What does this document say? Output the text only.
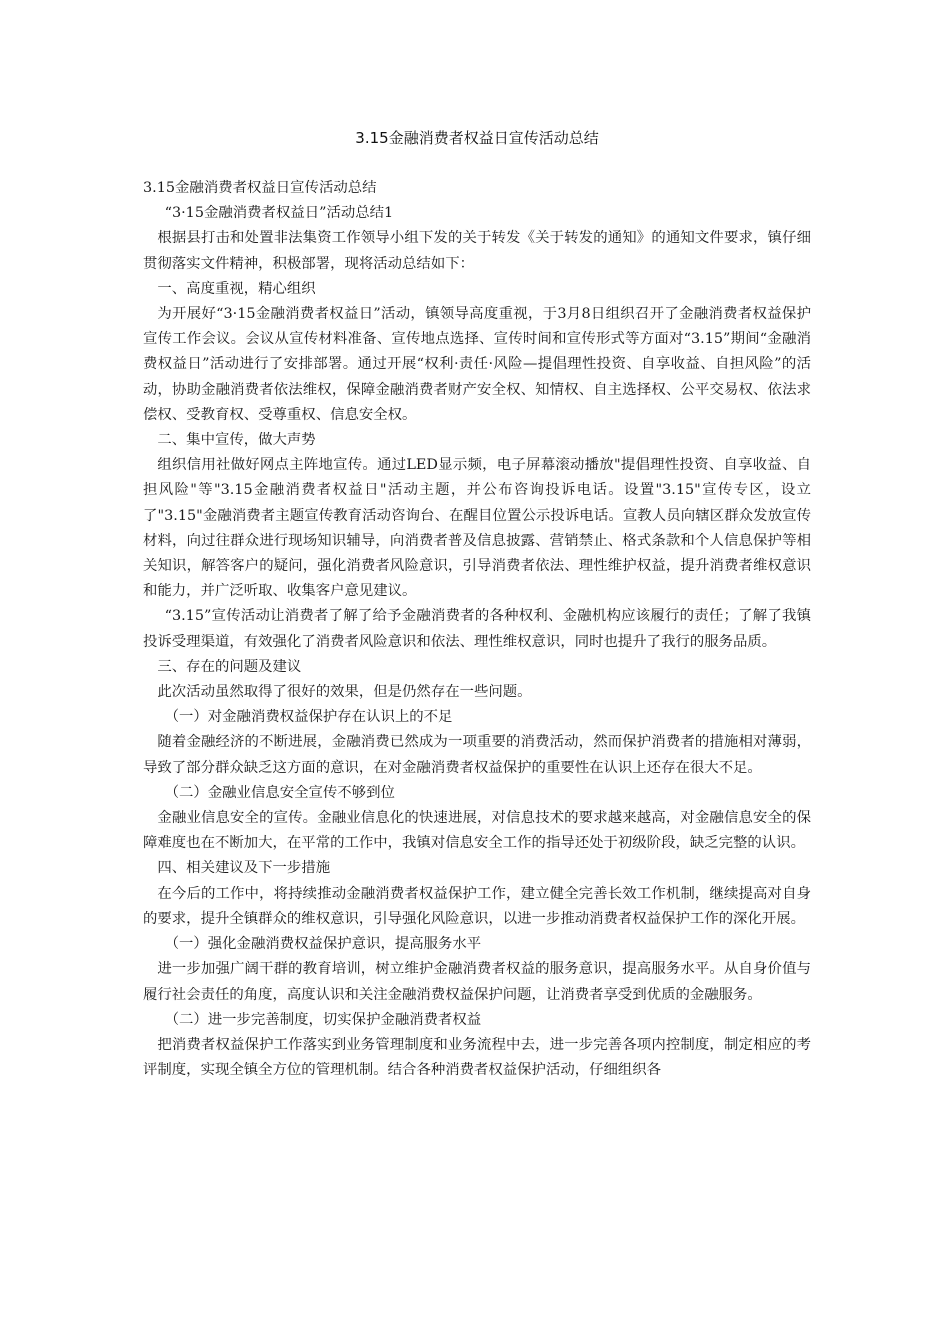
3.15金融消费者权益日宣传活动总结

3.15金融消费者权益日宣传活动总结

“3·15金融消费者权益日”活动总结1

根据县打击和处置非法集资工作领导小组下发的关于转发《关于转发的通知》的通知文件要求，镇仔细贯彻落实文件精神，积极部署，现将活动总结如下：

一、高度重视，精心组织

为开展好“3·15金融消费者权益日”活动，镇领导高度重视，于3月8日组织召开了金融消费者权益保护宣传工作会议。会议从宣传材料准备、宣传地点选择、宣传时间和宣传形式等方面对“3.15”期间“金融消费权益日”活动进行了安排部署。通过开展“权利·责任·风险—提倡理性投资、自享收益、自担风险”的活动，协助金融消费者依法维权，保障金融消费者财产安全权、知情权、自主选择权、公平交易权、依法求偿权、受教育权、受尊重权、信息安全权。

二、集中宣传，做大声势

组织信用社做好网点主阵地宣传。通过LED显示频，电子屏幕滚动播放"提倡理性投资、自享收益、自担风险"等"3.15金融消费者权益日"活动主题，并公布咨询投诉电话。设置"3.15"宣传专区，设立了"3.15"金融消费者主题宣传教育活动咨询台、在醒目位置公示投诉电话。宣教人员向辖区群众发放宣传材料，向过往群众进行现场知识辅导，向消费者普及信息披露、营销禁止、格式条款和个人信息保护等相关知识，解答客户的疑问，强化消费者风险意识，引导消费者依法、理性维护权益，提升消费者维权意识和能力，并广泛听取、收集客户意见建议。

“3.15”宣传活动让消费者了解了给予金融消费者的各种权利、金融机构应该履行的责任；了解了我镇投诉受理渠道，有效强化了消费者风险意识和依法、理性维权意识，同时也提升了我行的服务品质。

三、存在的问题及建议

此次活动虽然取得了很好的效果，但是仍然存在一些问题。

（一）对金融消费权益保护存在认识上的不足

随着金融经济的不断进展，金融消费已然成为一项重要的消费活动，然而保护消费者的措施相对薄弱，导致了部分群众缺乏这方面的意识，在对金融消费者权益保护的重要性在认识上还存在很大不足。

（二）金融业信息安全宣传不够到位

金融业信息安全的宣传。金融业信息化的快速进展，对信息技术的要求越来越高，对金融信息安全的保障难度也在不断加大，在平常的工作中，我镇对信息安全工作的指导还处于初级阶段，缺乏完整的认识。

四、相关建议及下一步措施

在今后的工作中，将持续推动金融消费者权益保护工作，建立健全完善长效工作机制，继续提高对自身的要求，提升全镇群众的维权意识，引导强化风险意识，以进一步推动消费者权益保护工作的深化开展。

（一）强化金融消费权益保护意识，提高服务水平

进一步加强广阔干群的教育培训，树立维护金融消费者权益的服务意识，提高服务水平。从自身价值与履行社会责任的角度，高度认识和关注金融消费权益保护问题，让消费者享受到优质的金融服务。

（二）进一步完善制度，切实保护金融消费者权益

把消费者权益保护工作落实到业务管理制度和业务流程中去，进一步完善各项内控制度，制定相应的考评制度，实现全镇全方位的管理机制。结合各种消费者权益保护活动，仔细组织各
